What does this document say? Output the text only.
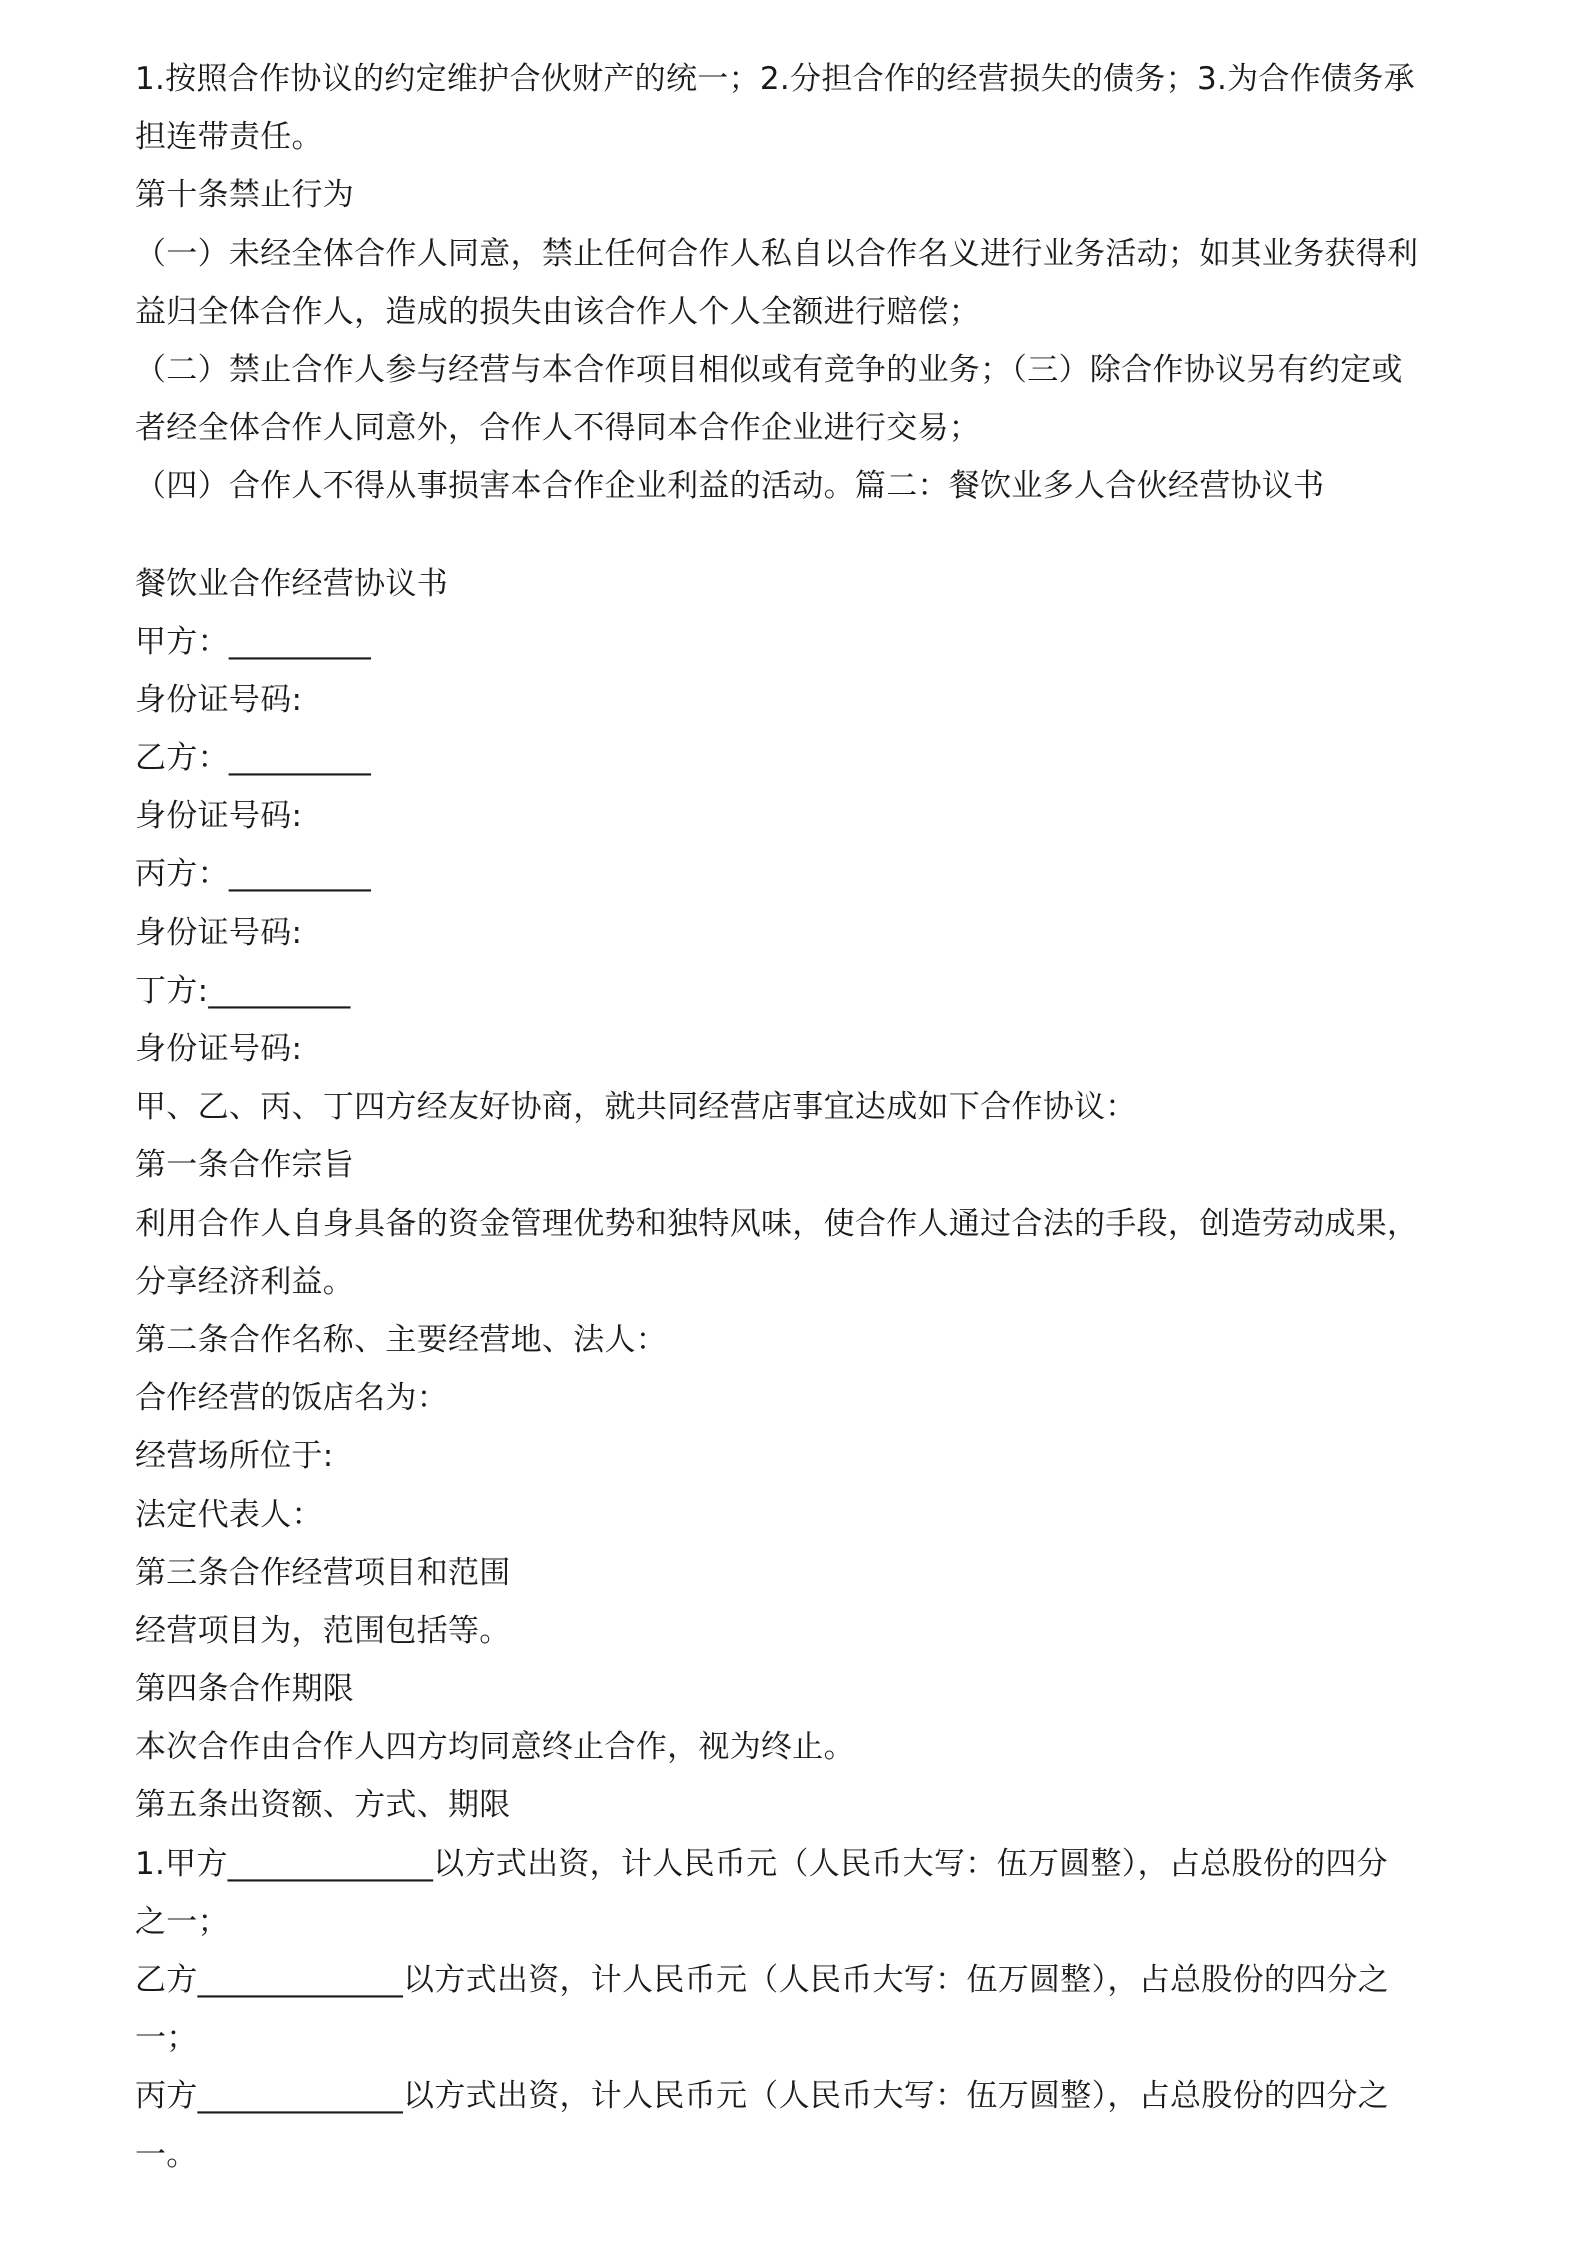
1.按照合作协议的约定维护合伙财产的统一；2.分担合作的经营损失的债务；3.为合作债务承
担连带责任。
第十条禁止行为
（一）未经全体合作人同意，禁止任何合作人私自以合作名义进行业务活动；如其业务获得利
益归全体合作人，造成的损失由该合作人个人全额进行赔偿；
（二）禁止合作人参与经营与本合作项目相似或有竞争的业务；（三）除合作协议另有约定或
者经全体合作人同意外，合作人不得同本合作企业进行交易；
（四）合作人不得从事损害本合作企业利益的活动。篇二：餐饮业多人合伙经营协议书
餐饮业合作经营协议书
甲方：_________
身份证号码:
乙方：_________
身份证号码:
丙方：_________
身份证号码:
丁方:_________
身份证号码:
甲、乙、丙、丁四方经友好协商，就共同经营店事宜达成如下合作协议：
第一条合作宗旨
利用合作人自身具备的资金管理优势和独特风味，使合作人通过合法的手段，创造劳动成果，
分享经济利益。
第二条合作名称、主要经营地、法人：
合作经营的饭店名为：
经营场所位于:
法定代表人：
第三条合作经营项目和范围
经营项目为，范围包括等。
第四条合作期限
本次合作由合作人四方均同意终止合作，视为终止。
第五条出资额、方式、期限
1.甲方_____________以方式出资，计人民币元（人民币大写：伍万圆整），占总股份的四分
之一；
乙方_____________以方式出资，计人民币元（人民币大写：伍万圆整），占总股份的四分之
一；
丙方_____________以方式出资，计人民币元（人民币大写：伍万圆整），占总股份的四分之
一。
